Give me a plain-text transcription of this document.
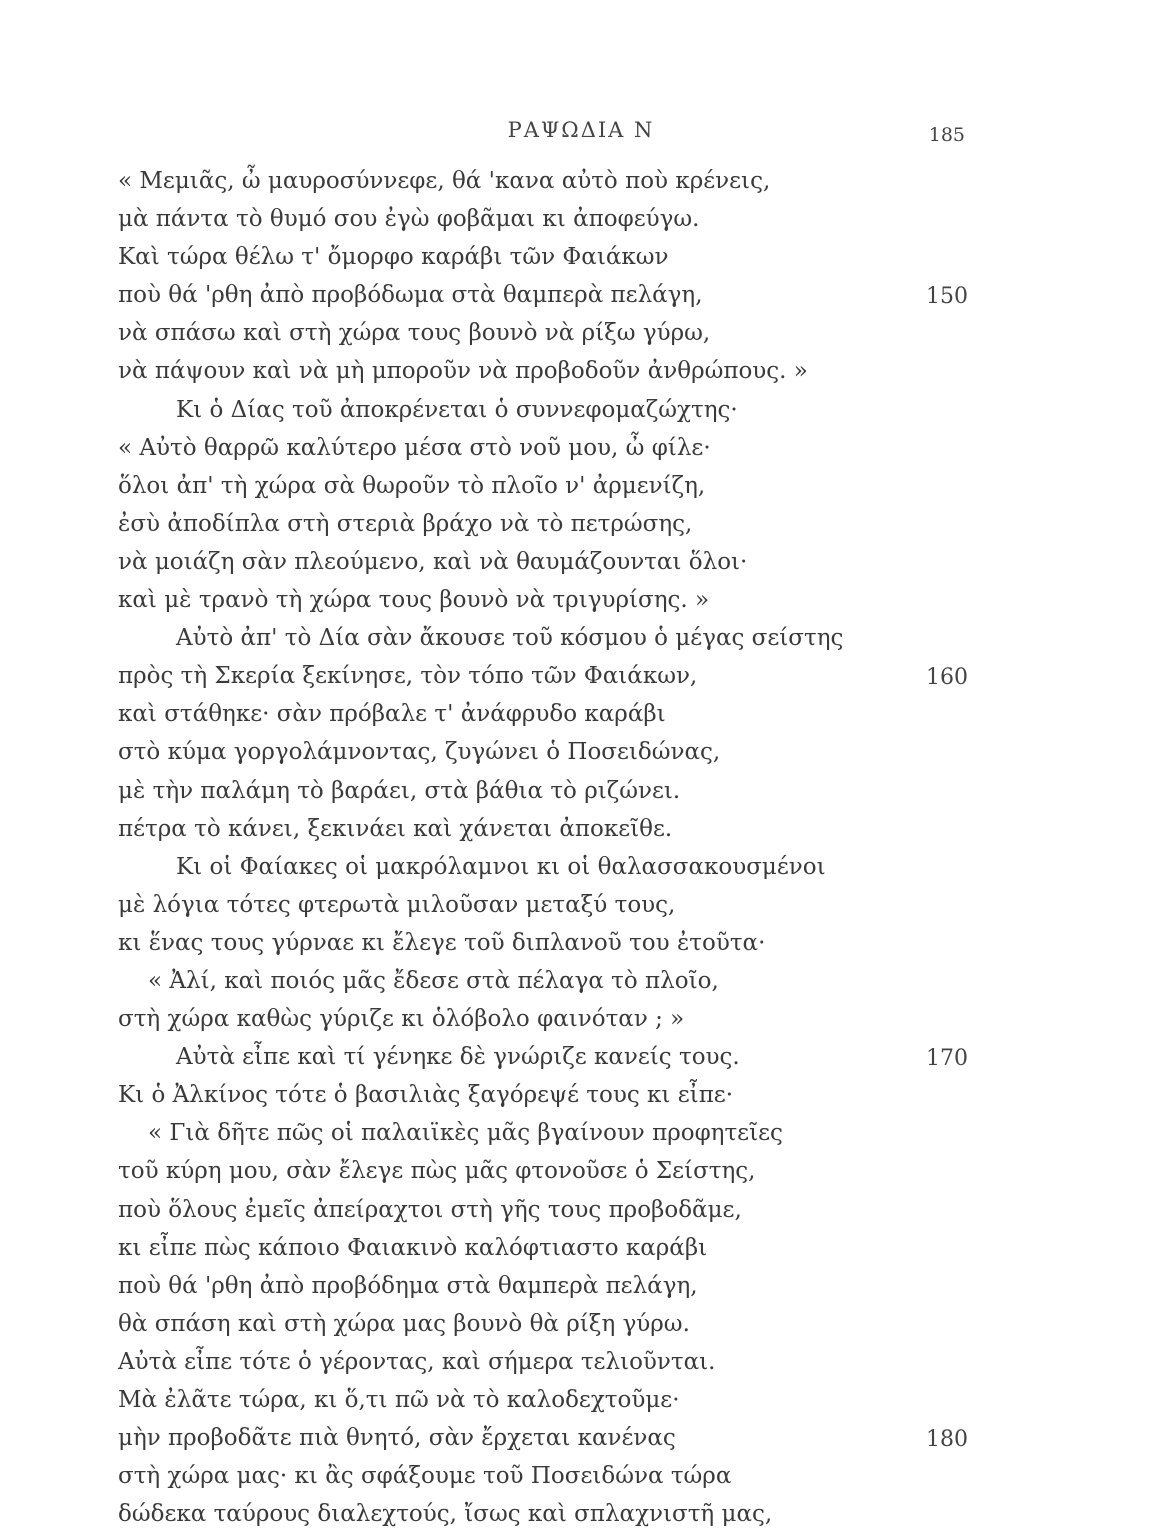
ΡΑΨΩΔΙΑ Ν	185
« Μεμιᾶς, ὦ μαυροσύννεφε, θά 'κανα αὐτὸ ποὺ κρένεις,
μὰ πάντα τὸ θυμό σου ἐγὼ φοβᾶμαι κι ἀποφεύγω.
Καὶ τώρα θέλω τ' ὄμορφο καράβι τῶν Φαιάκων
ποὺ θά 'ρθη ἀπὸ προβόδωμα στὰ θαμπερὰ πελάγη,	150
νὰ σπάσω καὶ στὴ χώρα τους βουνὸ νὰ ρίξω γύρω,
νὰ πάψουν καὶ νὰ μὴ μποροῦν νὰ προβοδοῦν ἀνθρώπους. »
Κι ὁ Δίας τοῦ ἀποκρένεται ὁ συννεφομαζώχτης·
« Αὐτὸ θαρρῶ καλύτερο μέσα στὸ νοῦ μου, ὦ φίλε·
ὅλοι ἀπ' τὴ χώρα σὰ θωροῦν τὸ πλοῖο ν' ἀρμενίζη,
ἐσὺ ἀποδίπλα στὴ στεριὰ βράχο νὰ τὸ πετρώσης,
νὰ μοιάζη σὰν πλεούμενο, καὶ νὰ θαυμάζουνται ὅλοι·
καὶ μὲ τρανὸ τὴ χώρα τους βουνὸ νὰ τριγυρίσης. »
Αὐτὸ ἀπ' τὸ Δία σὰν ἄκουσε τοῦ κόσμου ὁ μέγας σείστης
πρὸς τὴ Σκερία ξεκίνησε, τὸν τόπο τῶν Φαιάκων,	160
καὶ στάθηκε· σὰν πρόβαλε τ' ἀνάφρυδο καράβι
στὸ κύμα γοργολάμνοντας, ζυγώνει ὁ Ποσειδώνας,
μὲ τὴν παλάμη τὸ βαράει, στὰ βάθια τὸ ριζώνει.
πέτρα τὸ κάνει, ξεκινάει καὶ χάνεται ἀποκεῖθε.
Κι οἱ Φαίακες οἱ μακρόλαμνοι κι οἱ θαλασσακουσμένοι
μὲ λόγια τότες φτερωτὰ μιλοῦσαν μεταξύ τους,
κι ἕνας τους γύρναε κι ἔλεγε τοῦ διπλανοῦ του ἐτοῦτα·
« Ἀλί, καὶ ποιός μᾶς ἔδεσε στὰ πέλαγα τὸ πλοῖο,
στὴ χώρα καθὼς γύριζε κι ὁλόβολο φαινόταν ; »
Αὐτὰ εἶπε καὶ τί γένηκε δὲ γνώριζε κανείς τους.	170
Κι ὁ Ἀλκίνος τότε ὁ βασιλιὰς ξαγόρεψέ τους κι εἶπε·
« Γιὰ δῆτε πῶς οἱ παλαιϊκὲς μᾶς βγαίνουν προφητεῖες
τοῦ κύρη μου, σὰν ἔλεγε πὼς μᾶς φτονοῦσε ὁ Σείστης,
ποὺ ὅλους ἐμεῖς ἀπείραχτοι στὴ γῆς τους προβοδᾶμε,
κι εἶπε πὼς κάποιο Φαιακινὸ καλόφτιαστο καράβι
ποὺ θά 'ρθη ἀπὸ προβόδημα στὰ θαμπερὰ πελάγη,
θὰ σπάση καὶ στὴ χώρα μας βουνὸ θὰ ρίξη γύρω.
Αὐτὰ εἶπε τότε ὁ γέροντας, καὶ σήμερα τελιοῦνται.
Μὰ ἐλᾶτε τώρα, κι ὅ,τι πῶ νὰ τὸ καλοδεχτοῦμε·
μὴν προβοδᾶτε πιὰ θνητό, σὰν ἔρχεται κανένας	180
στὴ χώρα μας· κι ἂς σφάξουμε τοῦ Ποσειδώνα τώρα
δώδεκα ταύρους διαλεχτούς, ἴσως καὶ σπλαχνιστῆ μας,
